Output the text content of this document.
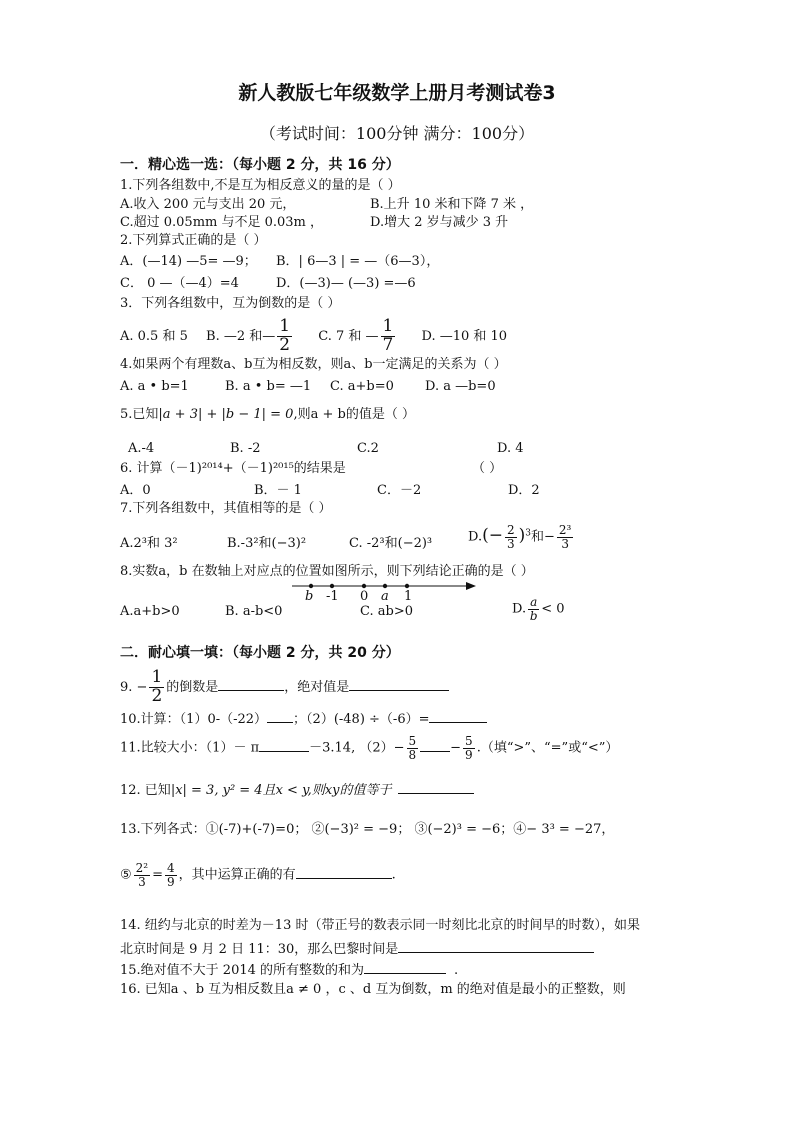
新人教版七年级数学上册月考测试卷3
（考试时间：100分钟 满分：100分）
一．精心选一选：（每小题 2 分，共 16 分）
1.下列各组数中,不是互为相反意义的量的是（ ）
A.收入 200 元与支出 20 元，	B.上升 10 米和下降 7 米 ，
C.超过 0.05mm 与不足 0.03m ，	D.增大 2 岁与减少 3 升
2.下列算式正确的是（ ）
A．(—14) —5= —9； B．| 6—3 | = —（6—3），
C． 0 —（—4）=4	D．(—3)— (—3) =—6
3．下列各组数中，互为倒数的是（ ）
A. 0.5 和 5 B. —2 和— $\frac{1}{2} C$. 7 和 — $\frac{1}{7} D$. —10 和 10
4.如果两个有理数a、b互为相反数，则a、b一定满足的关系为（ ）
A. a • b=1	B. a • b= —1 C. a+b=0 D. a —b=0
5.已知|a + 3| + |b − 1| = 0,则a + b的值是（ ）
A.-4	B. -2	C.2	D. 4
6. 计算（－1)²⁰¹⁴+（－1)²⁰¹⁵的结果是	（ ）
A．0	B．－ 1	C．－2	D．2
7.下列各组数中，其值相等的是（ ）
A.2³和 3²	B.-3²和(−3)²	C. -2³和(−2)³	$D.(- \frac{2}{3} )^3$和− $\frac{\text{2³}}{3}$
8.实数a，b 在数轴上对应点的位置如图所示，则下列结论正确的是（ ）
b -1 0 a 1
A.a+b>0	B. a-b<0	C. ab>0	D. $\frac{a}{b} < 0$
二．耐心填一填：（每小题 2 分，共 20 分）
9. − $\frac{1}{2}$ 的倒数是	，绝对值是
10.计算：（1）0-（-22） ；（2）(-48) ÷（-6）=
11.比较大小：（1）－ π	－3.14, $(2)- \frac{5}{8} - \frac{5}{9}$ .（填“>”、“=”或“<”）
12. 已知|x| = 3, y² = 4且x < y,则xy的值等于
13.下列各式：①(-7)+(-7)=0； ②(−3)² = −9； ③(−2)³ = −6；④− 3³ = −27，
⑤ $\frac{\text{2²}}{3} = \frac{4}{9}$ ，其中运算正确的有	.
14. 纽约与北京的时差为－13 时（带正号的数表示同一时刻比北京的时间早的时数），如果
北京时间是 9 月 2 日 11：30，那么巴黎时间是
15.绝对值不大于 2014 的所有整数的和为	.
16. 已知a 、b 互为相反数且a ≠ 0 ，c 、d 互为倒数，m 的绝对值是最小的正整数，则
